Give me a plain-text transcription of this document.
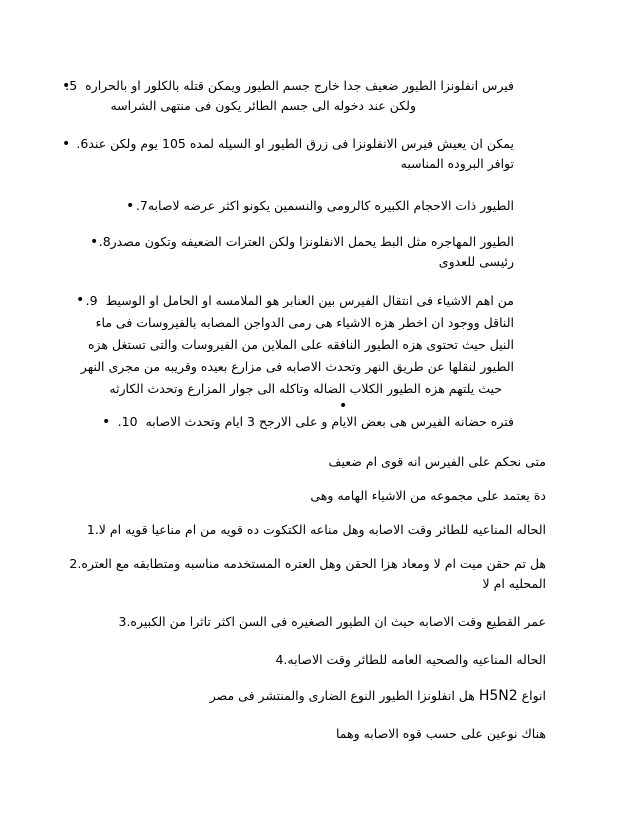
•
فيرس انفلونزا الطيور ضعيف جدا خارج جسم الطيور ويمكن قتله بالكلور او بالحراره  5.
ولكن عند دخوله الى جسم الطائر يكون فى منتهى الشراسه
•
يمكن ان يعيش فيرس الانفلونزا فى زرق الطيور او السيله لمده 105 يوم ولكن عند6.
توافر البروده المناسبه
•
الطيور ذات الاحجام الكبيره كالرومى والنسمين يكونو اكثر عرضه لاصابه7.
•
الطيور المهاجره مثل البط يحمل الانفلونزا ولكن العترات الضعيفه وتكون مصدر8.
رئيسى للعدوى
•
من اهم الاشياء فى انتقال الفيرس بين العنابر هو الملامسه او الحامل او الوسيط  9.
الناقل ووجود ان اخطر هزه الاشياء هى رمى الدواجن المصابه بالفيروسات فى ماء
النيل حيث تحتوى هزه الطيور النافقه على الملاين من الفيروسات والتى تستغل هزه
الطيور لنقلها عن طريق النهر وتحدث الاصابه فى مزارع بعيده وقريبه من مجرى النهر
حيث يلتهم هزه الطيور الكلاب الضاله وتاكله الى جوار المزارع وتحدث الكارثه
•
•
فتره حضانه الفيرس هى بعض الايام و على الارجح 3 ايام وتحدث الاصابه  10.
متى نحكم على الفيرس انه قوى ام ضعيف
دة يعتمد على مجموعه من الاشياء الهامه وهى
الحاله المناعيه للطائر وقت الاصابه وهل مناعه الكتكوت ده قويه من ام مناعيا قويه ام لا.1
هل تم حقن ميت ام لا ومعاد هزا الحقن وهل العتره المستخدمه مناسبه ومتطابقه مع العتره.2
المحليه ام لا
عمر القطيع وقت الاصابه حيث ان الطيور الصغيره فى السن اكثر تاثرا من الكبيره.3
الحاله المناعيه والصحيه العامه للطائر وقت الاصابه.4
انواع H5N2 هل انفلونزا الطيور النوع الضارى والمنتشر فى مصر
هناك نوعين على حسب قوه الاصابه وهما
